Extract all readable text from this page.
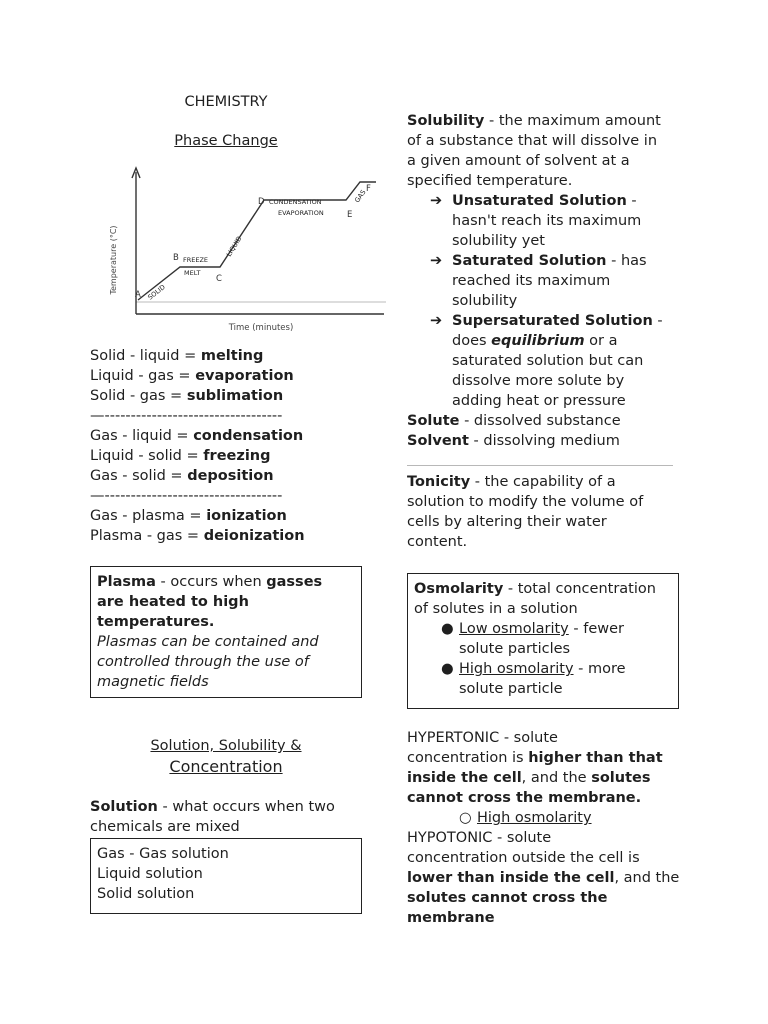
CHEMISTRY
Phase Change
Temperature (°C)
Time (minutes)
A
B
C
D
E
F
SOLID
FREEZE
MELT
LIQUID
CONDENSATION
EVAPORATION
GAS
Solid - liquid = melting
Liquid - gas = evaporation
Solid - gas = sublimation
—----------------------------------
Gas - liquid = condensation
Liquid - solid = freezing
Gas - solid = deposition
—----------------------------------
Gas - plasma = ionization
Plasma - gas = deionization
Plasma - occurs when gasses
are heated to high
temperatures.
Plasmas can be contained and
controlled through the use of
magnetic fields
Solution, Solubility &
Concentration
Solution - what occurs when two
chemicals are mixed
Gas - Gas solution
Liquid solution
Solid solution
Solubility - the maximum amount
of a substance that will dissolve in
a given amount of solvent at a
specified temperature.
➔ Unsaturated Solution -
hasn't reach its maximum
solubility yet
➔ Saturated Solution - has
reached its maximum
solubility
➔ Supersaturated Solution -
does equilibrium or a
saturated solution but can
dissolve more solute by
adding heat or pressure
Solute - dissolved substance
Solvent - dissolving medium
Tonicity - the capability of a
solution to modify the volume of
cells by altering their water
content.
Osmolarity - total concentration
of solutes in a solution
● Low osmolarity - fewer
solute particles
● High osmolarity - more
solute particle
HYPERTONIC - solute
concentration is higher than that
inside the cell, and the solutes
cannot cross the membrane.
○ High osmolarity
HYPOTONIC - solute
concentration outside the cell is
lower than inside the cell, and the
solutes cannot cross the
membrane
